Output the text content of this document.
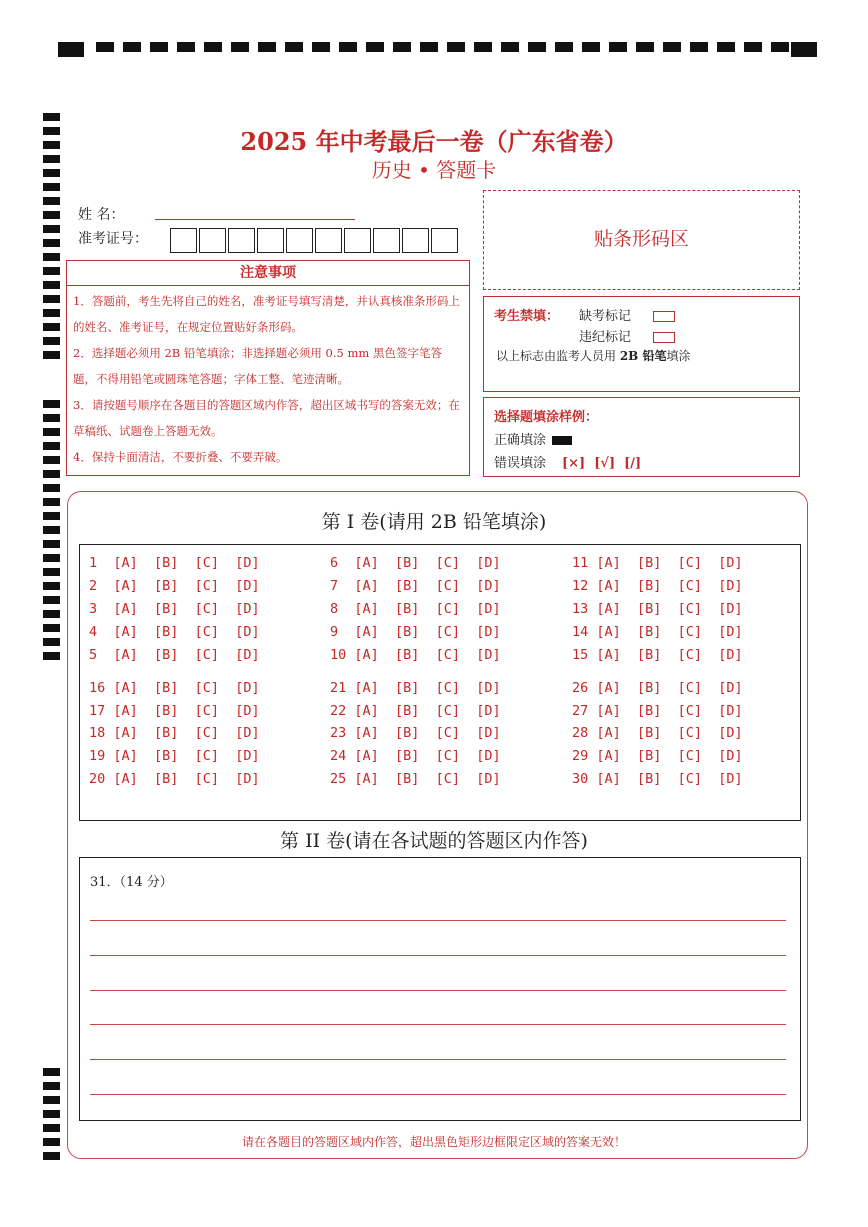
2025 年中考最后一卷（广东省卷）
历史 • 答题卡
姓 名：
准考证号：
注意事项
1．答题前，考生先将自己的姓名，准考证号填写清楚，并认真核准条形码上的姓名、准考证号，在规定位置贴好条形码。
2．选择题必须用 2B 铅笔填涂；非选择题必须用 0.5 mm 黑色签字笔答题，不得用铅笔或圆珠笔答题；字体工整、笔迹清晰。
3．请按题号顺序在各题目的答题区域内作答，超出区域书写的答案无效；在草稿纸、试题卷上答题无效。
4．保持卡面清洁，不要折叠、不要弄破。
贴条形码区
考生禁填： 缺考标记
违纪标记
以上标志由监考人员用 2B 铅笔填涂
选择题填涂样例：
正确填涂
错误填涂 [×]  [√]  [/]
第 I 卷(请用 2B 铅笔填涂)
1  [A]  [B]  [C]  [D]
2  [A]  [B]  [C]  [D]
3  [A]  [B]  [C]  [D]
4  [A]  [B]  [C]  [D]
5  [A]  [B]  [C]  [D]
6  [A]  [B]  [C]  [D]
7  [A]  [B]  [C]  [D]
8  [A]  [B]  [C]  [D]
9  [A]  [B]  [C]  [D]
10 [A]  [B]  [C]  [D]
11 [A]  [B]  [C]  [D]
12 [A]  [B]  [C]  [D]
13 [A]  [B]  [C]  [D]
14 [A]  [B]  [C]  [D]
15 [A]  [B]  [C]  [D]
16 [A]  [B]  [C]  [D]
17 [A]  [B]  [C]  [D]
18 [A]  [B]  [C]  [D]
19 [A]  [B]  [C]  [D]
20 [A]  [B]  [C]  [D]
21 [A]  [B]  [C]  [D]
22 [A]  [B]  [C]  [D]
23 [A]  [B]  [C]  [D]
24 [A]  [B]  [C]  [D]
25 [A]  [B]  [C]  [D]
26 [A]  [B]  [C]  [D]
27 [A]  [B]  [C]  [D]
28 [A]  [B]  [C]  [D]
29 [A]  [B]  [C]  [D]
30 [A]  [B]  [C]  [D]
第 II 卷(请在各试题的答题区内作答)
31．（14 分）
请在各题目的答题区域内作答，超出黑色矩形边框限定区域的答案无效！
